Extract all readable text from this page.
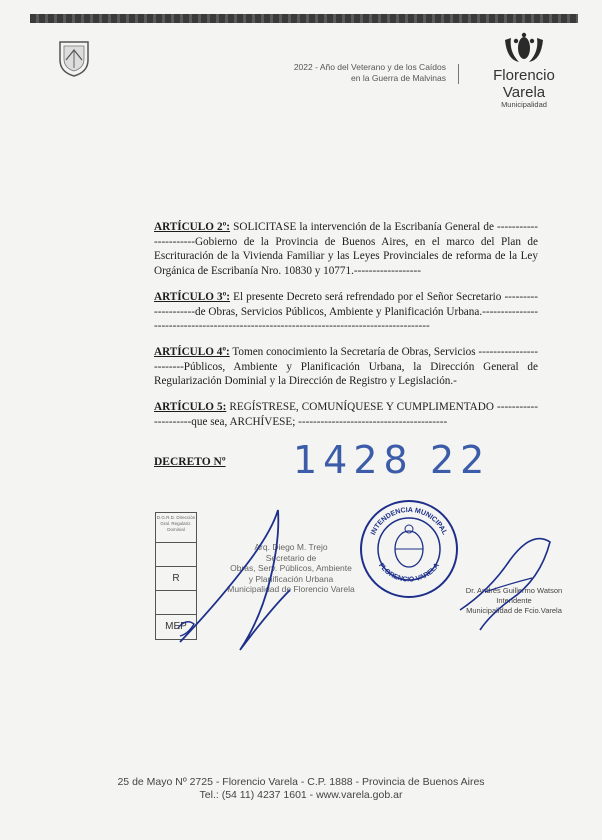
2022 - Año del Veterano y de los Caídos
en la Guerra de Malvinas	Florencio Varela
Municipalidad

ARTÍCULO 2º: SOLICITASE la intervención de la Escribanía General de ----------------------Gobierno de la Provincia de Buenos Aires, en el marco del Plan de Escrituración de la Vivienda Familiar y las Leyes Provinciales de reforma de la Ley Orgánica de Escribanía Nro. 10830 y 10771.------------------

ARTÍCULO 3º: El presente Decreto será refrendado por el Señor Secretario --------------------de Obras, Servicios Públicos, Ambiente y Planificación Urbana.-----------------------------------------------------------------------------------------

ARTÍCULO 4º: Tomen conocimiento la Secretaría de Obras, Servicios ------------------------Públicos, Ambiente y Planificación Urbana, la Dirección General de Regularización Dominial y la Dirección de Registro y Legislación.-

ARTÍCULO 5: REGÍSTRESE, COMUNÍQUESE Y CUMPLIMENTADO ---------------------que sea, ARCHÍVESE; ----------------------------------------

DECRETO Nº 1428 22
D.G.R.D. Dirección Gral. Regulariz. Dominial
R
MEP
Arq. Diego M. Trejo
Secretario de
Obras, Serv. Públicos, Ambiente
y Planificación Urbana
Municipalidad de Florencio Varela
INTENDENCIA MUNICIPAL
FLORENCIO VARELA
Dr. Andrés Guillermo Watson
Intendente
Municipalidad de Fcio.Varela
25 de Mayo Nº 2725 - Florencio Varela - C.P. 1888 - Provincia de Buenos Aires
Tel.: (54 11) 4237 1601 - www.varela.gob.ar
